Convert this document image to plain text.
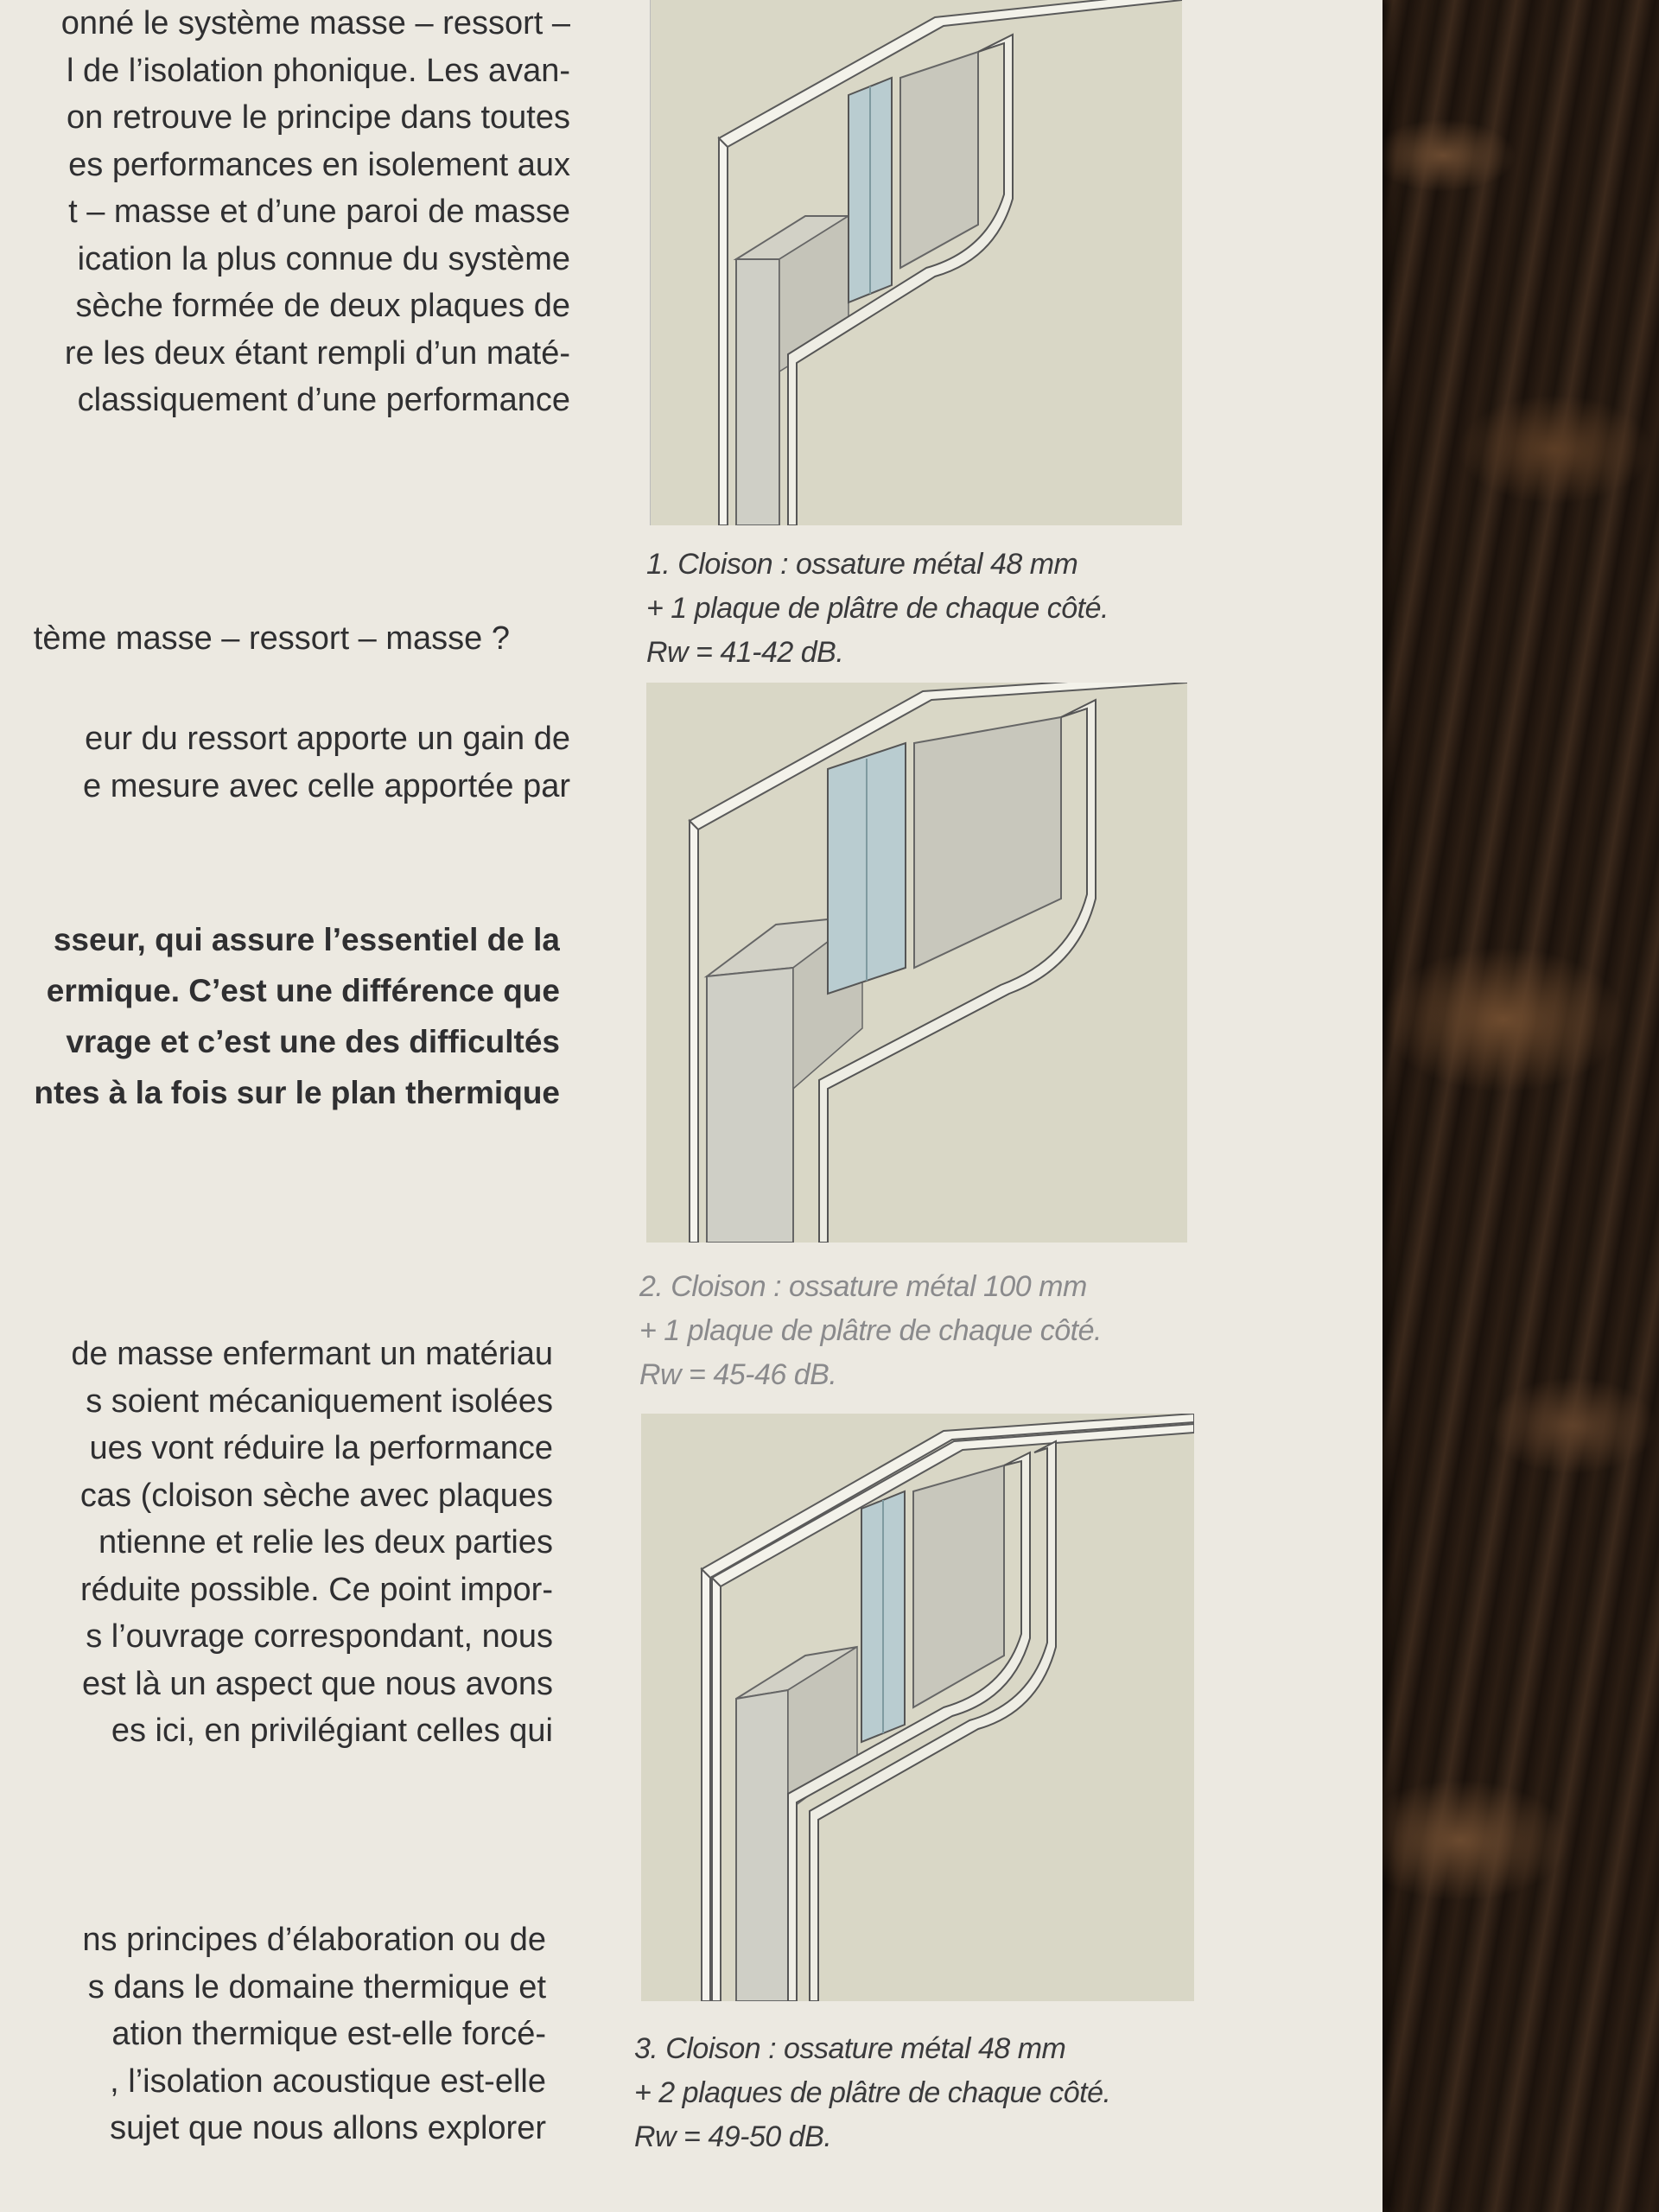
onné le système masse – ressort –
l de l’isolation phonique. Les avan-
on retrouve le principe dans toutes
es performances en isolement aux
t – masse et d’une paroi de masse
ication la plus connue du système
sèche formée de deux plaques de
re les deux étant rempli d’un maté-
classiquement d’une performance
tème masse – ressort – masse ?
eur du ressort apporte un gain de
e mesure avec celle apportée par
sseur, qui assure l’essentiel de la
ermique. C’est une différence que
vrage et c’est une des difficultés
ntes à la fois sur le plan thermique
de masse enfermant un matériau
s soient mécaniquement isolées
ues vont réduire la performance
cas (cloison sèche avec plaques
ntienne et relie les deux parties
réduite possible. Ce point impor-
s l’ouvrage correspondant, nous
est là un aspect que nous avons
es ici, en privilégiant celles qui
ns principes d’élaboration ou de
s dans le domaine thermique et
ation thermique est-elle forcé-
, l’isolation acoustique est-elle
sujet que nous allons explorer
1. Cloison : ossature métal 48 mm
+ 1 plaque de plâtre de chaque côté.
Rw = 41-42 dB.
2. Cloison : ossature métal 100 mm
+ 1 plaque de plâtre de chaque côté.
Rw = 45-46 dB.
3. Cloison : ossature métal 48 mm
+ 2 plaques de plâtre de chaque côté.
Rw = 49-50 dB.
